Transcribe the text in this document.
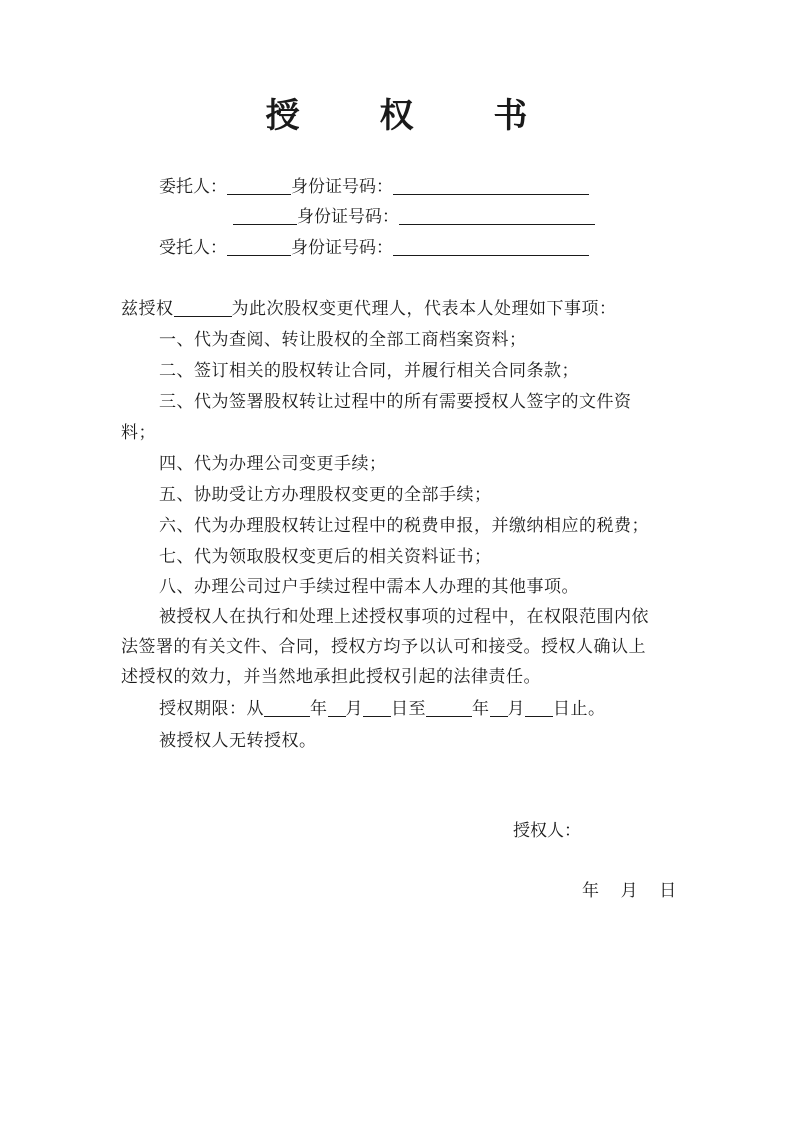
授 权 书
委托人：	身份证号码：
身份证号码：
受托人：	身份证号码：
兹授权	为此次股权变更代理人，代表本人处理如下事项：
一、代为查阅、转让股权的全部工商档案资料；
二、签订相关的股权转让合同，并履行相关合同条款；
三、代为签署股权转让过程中的所有需要授权人签字的文件资
料；
四、代为办理公司变更手续；
五、协助受让方办理股权变更的全部手续；
六、代为办理股权转让过程中的税费申报，并缴纳相应的税费；
七、代为领取股权变更后的相关资料证书；
八、办理公司过户手续过程中需本人办理的其他事项。
被授权人在执行和处理上述授权事项的过程中，在权限范围内依
法签署的有关文件、合同，授权方均予以认可和接受。授权人确认上
述授权的效力，并当然地承担此授权引起的法律责任。
授权期限：从	年 月 日至	年 月 日止。
被授权人无转授权。
授权人：
年    月    日
